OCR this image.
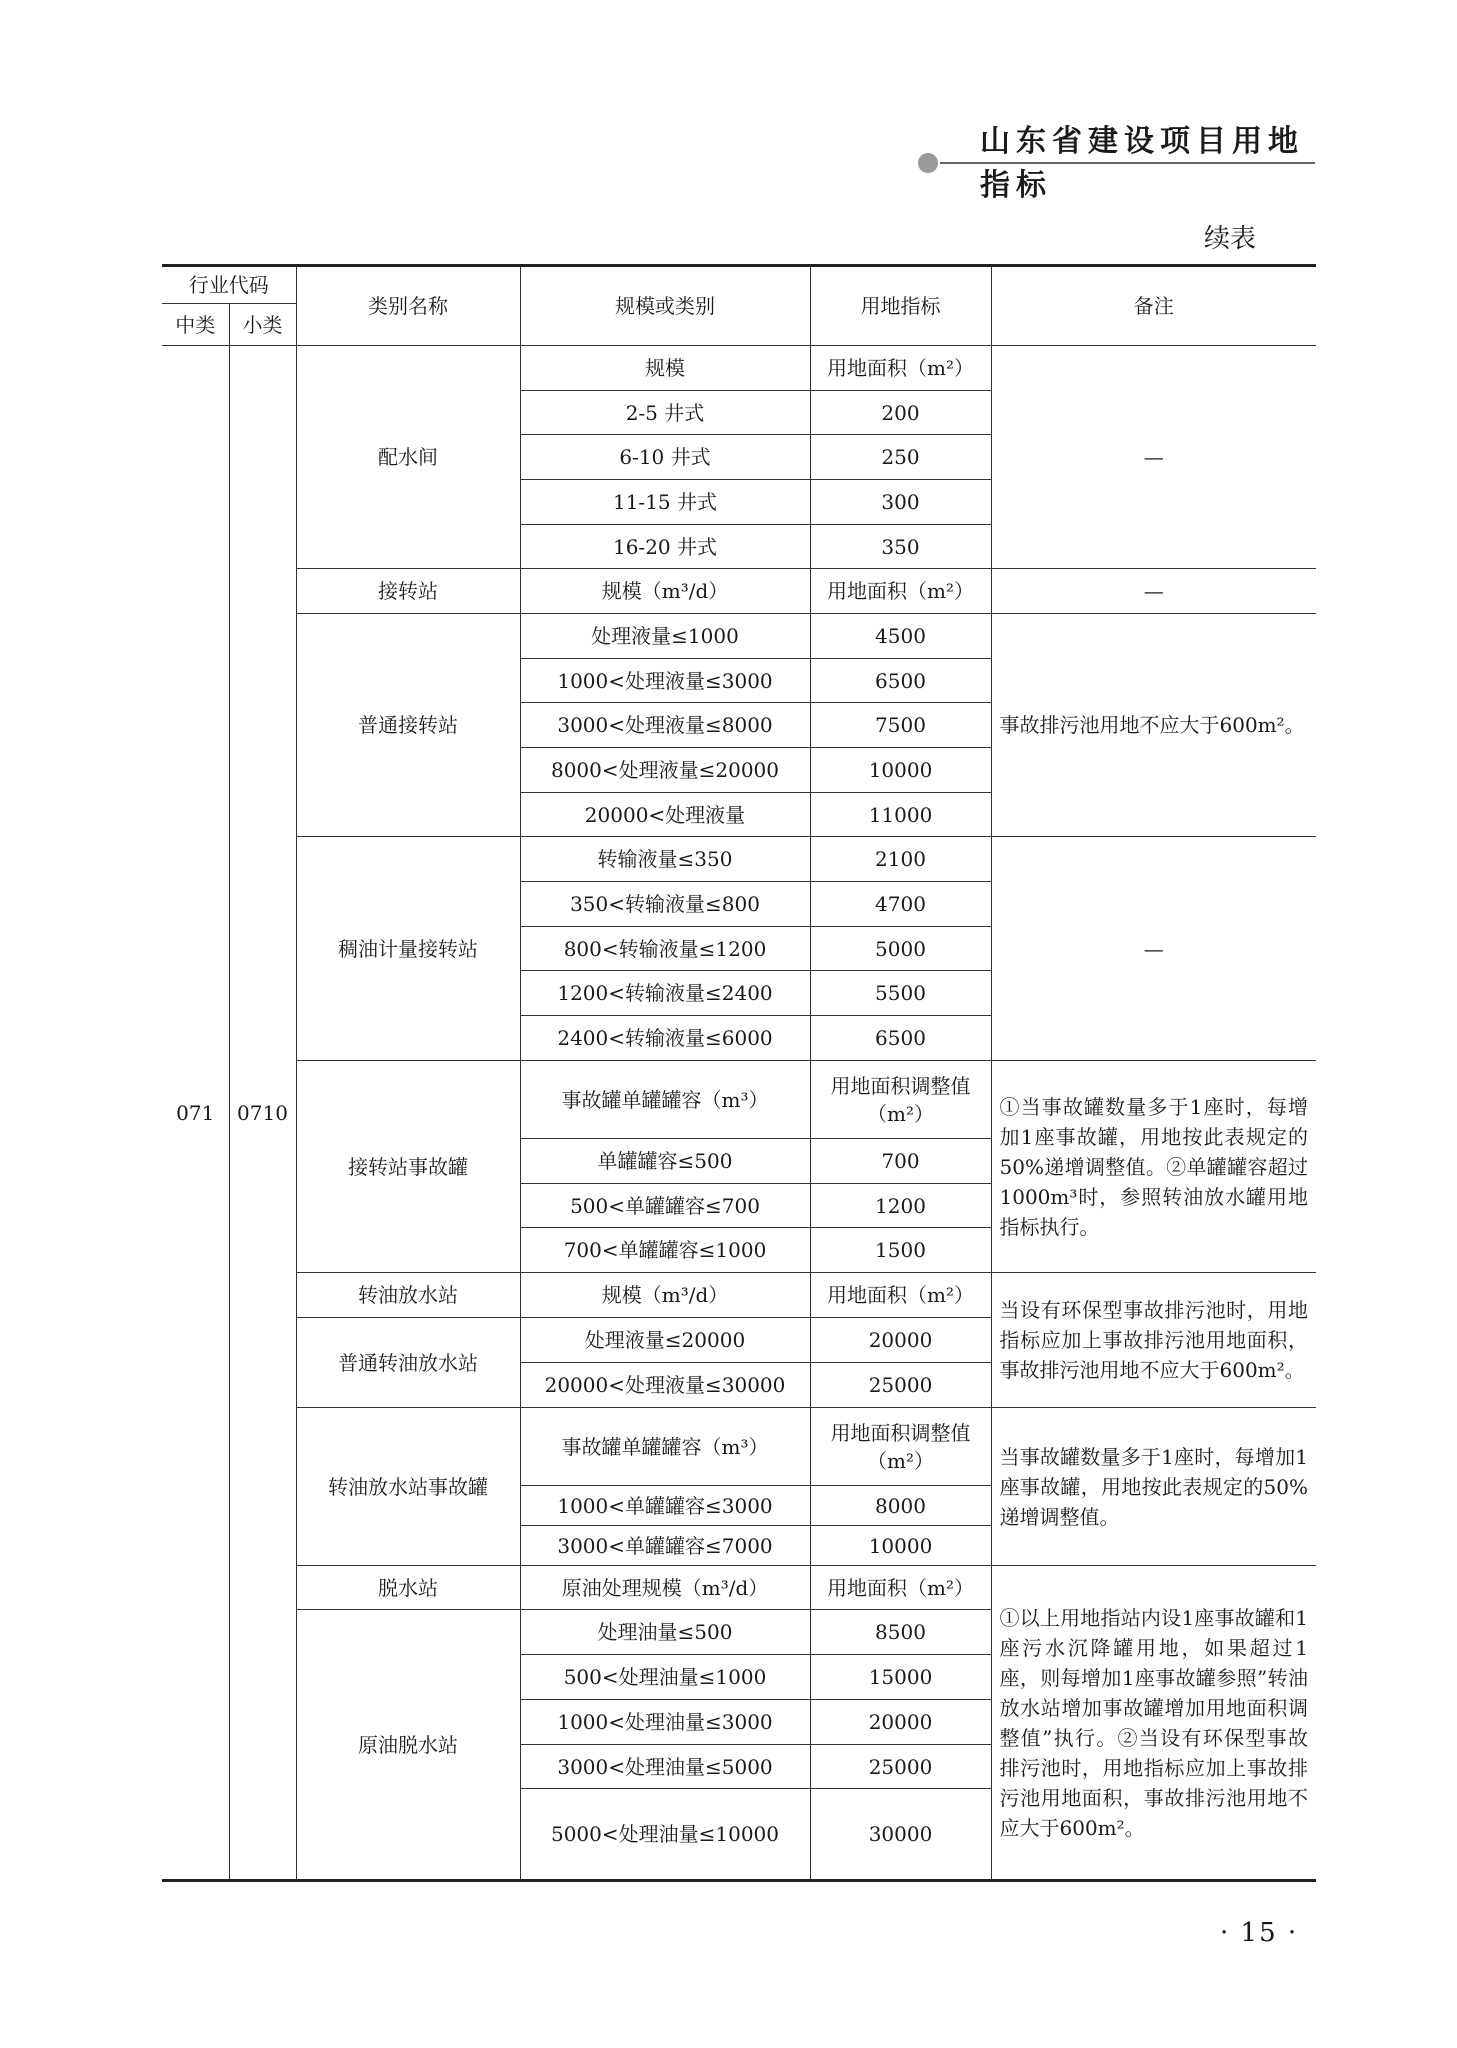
山东省建设项目用地指标
续表
行业代码		类别名称	规模或类别	用地指标	备注
中类	小类				
071	0710	配水间	规模	用地面积（m²）	—
			2-5 井式	200	
			6-10 井式	250	
			11-15 井式	300	
			16-20 井式	350	
		接转站	规模（m³/d）	用地面积（m²）	—
		普通接转站	处理液量≤1000	4500	事故排污池用地不应大于600m²。
			1000<处理液量≤3000	6500	
			3000<处理液量≤8000	7500	
			8000<处理液量≤20000	10000	
			20000<处理液量	11000	
		稠油计量接转站	转输液量≤350	2100	—
			350<转输液量≤800	4700	
			800<转输液量≤1200	5000	
			1200<转输液量≤2400	5500	
			2400<转输液量≤6000	6500	
		接转站事故罐	事故罐单罐罐容（m³）	用地面积调整值（m²）	①当事故罐数量多于1座时，每增加1座事故罐，用地按此表规定的50%递增调整值。②单罐罐容超过1000m³时，参照转油放水罐用地指标执行。
			单罐罐容≤500	700	
			500<单罐罐容≤700	1200	
			700<单罐罐容≤1000	1500	
		转油放水站	规模（m³/d）	用地面积（m²）	当设有环保型事故排污池时，用地指标应加上事故排污池用地面积，事故排污池用地不应大于600m²。
		普通转油放水站	处理液量≤20000	20000	
			20000<处理液量≤30000	25000	
		转油放水站事故罐	事故罐单罐罐容（m³）	用地面积调整值（m²）	当事故罐数量多于1座时，每增加1座事故罐，用地按此表规定的50%递增调整值。
			1000<单罐罐容≤3000	8000	
			3000<单罐罐容≤7000	10000	
		脱水站	原油处理规模（m³/d）	用地面积（m²）	①以上用地指站内设1座事故罐和1座污水沉降罐用地，如果超过1座，则每增加1座事故罐参照”转油放水站增加事故罐增加用地面积调整值”执行。②当设有环保型事故排污池时，用地指标应加上事故排污池用地面积，事故排污池用地不应大于600m²。
		原油脱水站	处理油量≤500	8500	
			500<处理油量≤1000	15000	
			1000<处理油量≤3000	20000	
			3000<处理油量≤5000	25000	
			5000<处理油量≤10000	30000	
· 15 ·
